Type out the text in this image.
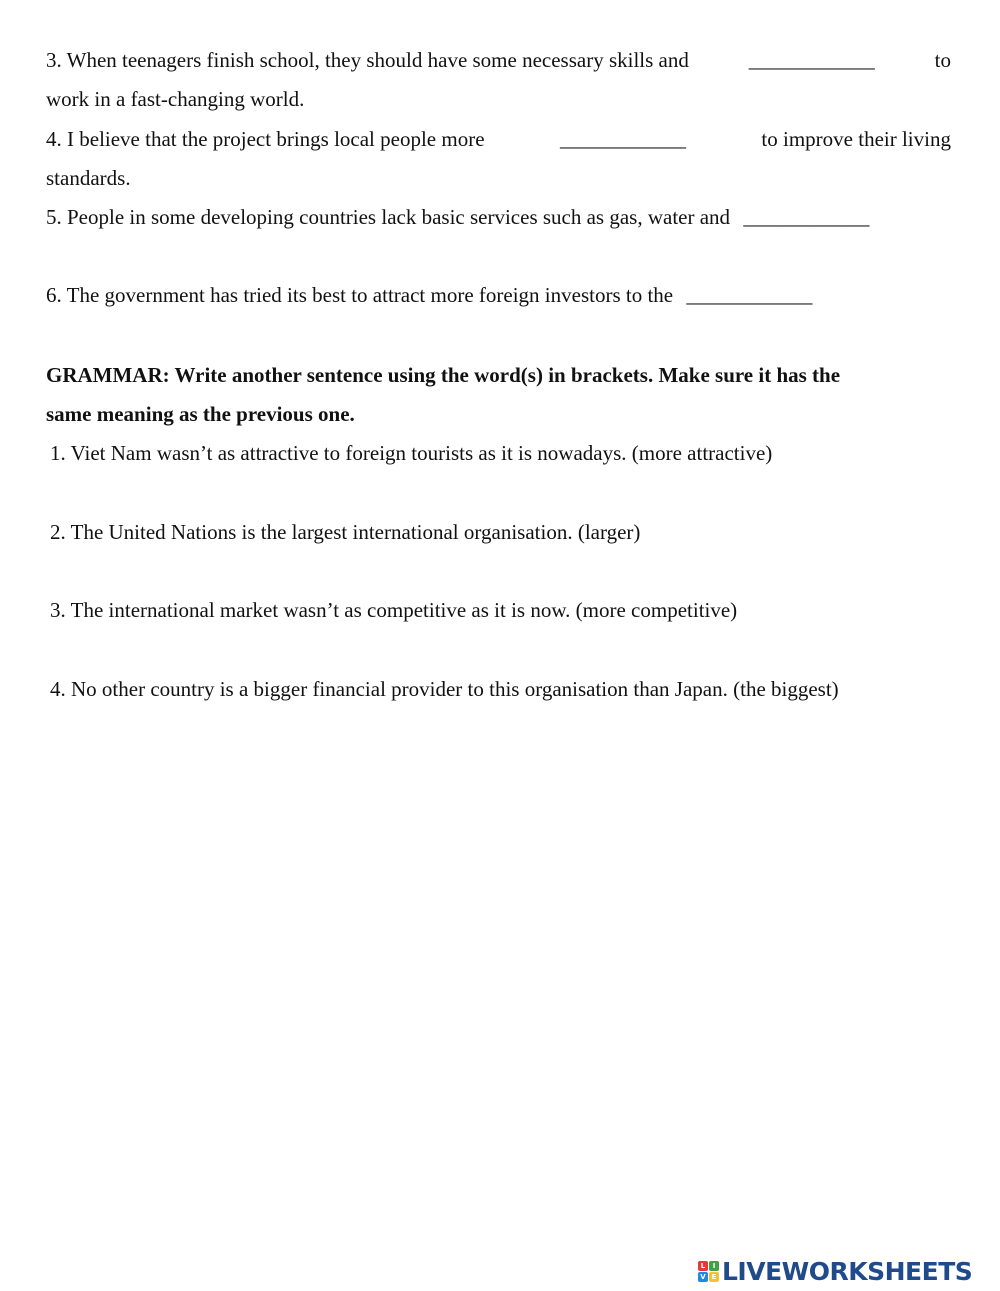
3. When teenagers finish school, they should have some necessary skills and	____________	to
work in a fast-changing world.
4. I believe that the project brings local people more	____________	to improve their living
standards.
5. People in some developing countries lack basic services such as gas, water and ____________
6. The government has tried its best to attract more foreign investors to the ____________
GRAMMAR: Write another sentence using the word(s) in brackets. Make sure it has the
same meaning as the previous one.
1. Viet Nam wasn’t as attractive to foreign tourists as it is nowadays. (more attractive)
2. The United Nations is the largest international organisation. (larger)
3. The international market wasn’t as competitive as it is now. (more competitive)
4. No other country is a bigger financial provider to this organisation than Japan. (the biggest)
L	I
V E LIVEWORKSHEETS
